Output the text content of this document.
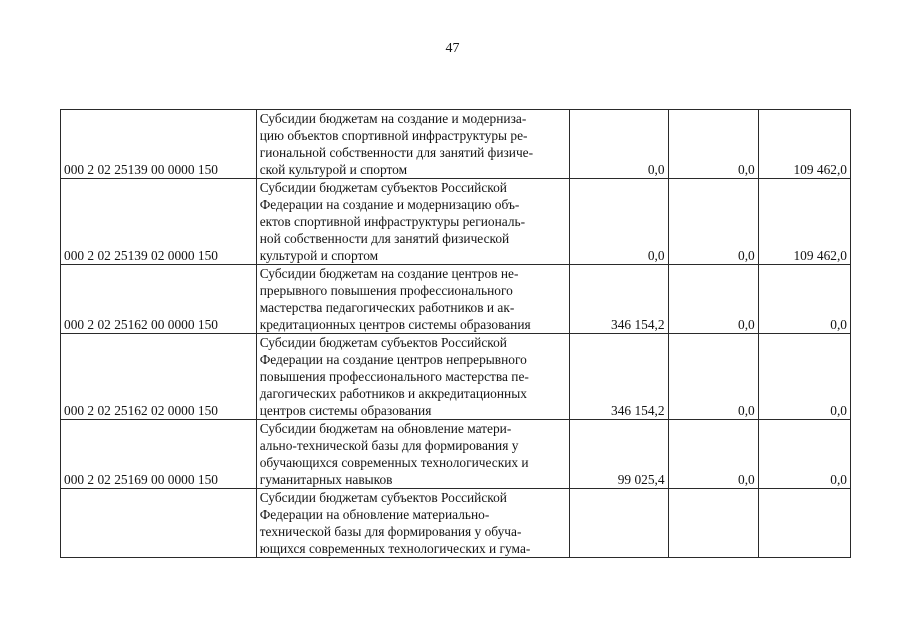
47
000 2 02 25139 00 0000 150	Субсидии бюджетам на создание и модерниза-
цию объектов спортивной инфраструктуры ре-
гиональной собственности для занятий физиче-
ской культурой и спортом	0,0	0,0	109 462,0
000 2 02 25139 02 0000 150	Субсидии бюджетам субъектов Российской
Федерации на создание и модернизацию объ-
ектов спортивной инфраструктуры региональ-
ной собственности для занятий физической
культурой и спортом	0,0	0,0	109 462,0
000 2 02 25162 00 0000 150	Субсидии бюджетам на создание центров не-
прерывного повышения профессионального
мастерства педагогических работников и ак-
кредитационных центров системы образования	346 154,2	0,0	0,0
000 2 02 25162 02 0000 150	Субсидии бюджетам субъектов Российской
Федерации на создание центров непрерывного
повышения профессионального мастерства пе-
дагогических работников и аккредитационных
центров системы образования	346 154,2	0,0	0,0
000 2 02 25169 00 0000 150	Субсидии бюджетам на обновление матери-
ально-технической базы для формирования у
обучающихся современных технологических и
гуманитарных навыков	99 025,4	0,0	0,0

	Субсидии бюджетам субъектов Российской
Федерации на обновление материально-
технической базы для формирования у обуча-
ющихся современных технологических и гума-			
